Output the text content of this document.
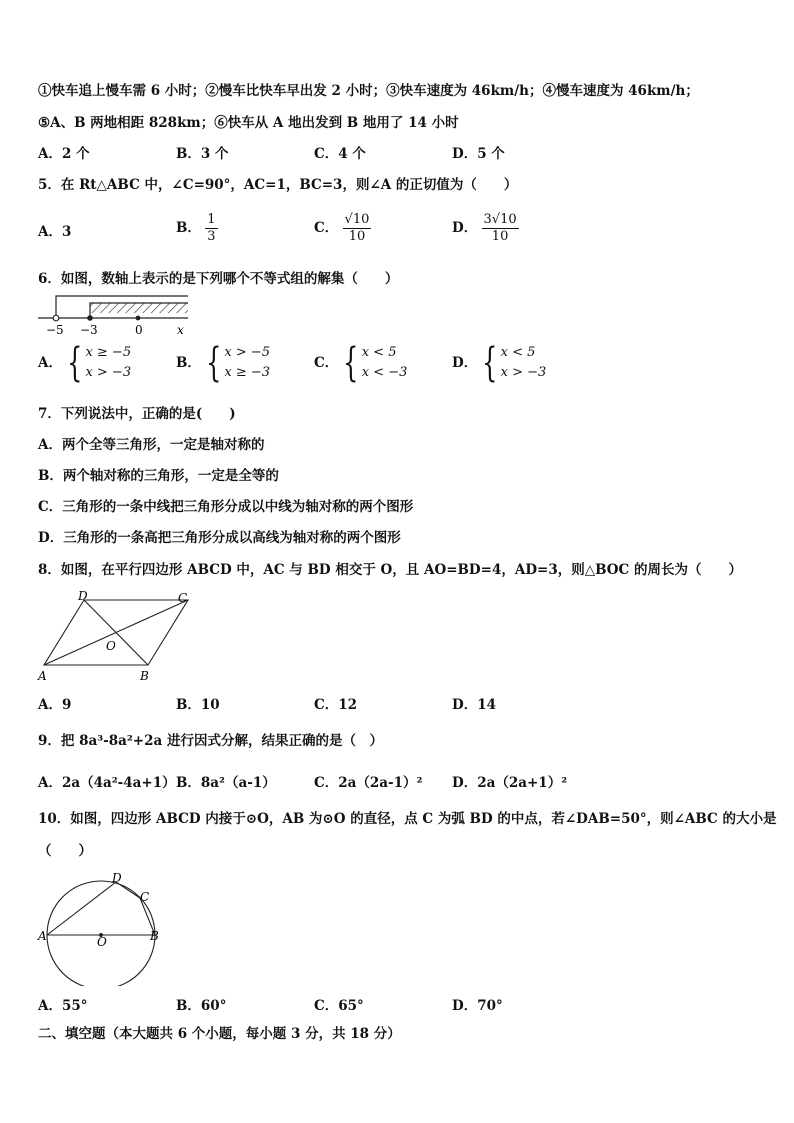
①快车追上慢车需 6 小时；②慢车比快车早出发 2 小时；③快车速度为 46km/h；④慢车速度为 46km/h；
⑤A、B 两地相距 828km；⑥快车从 A 地出发到 B 地用了 14 小时
A．2 个	B．3 个	C．4 个	D．5 个
5．在 Rt△ABC 中，∠C=90°，AC=1，BC=3，则∠A 的正切值为（　　）
A．3	B． $\frac{1}{3}$	C． $\frac{√10}{10}$	D． $\frac{3√10}{10}$
6．如图，数轴上表示的是下列哪个不等式组的解集（　　）
−5 −3	0	x
A． { x ≥ −5
x > −3
B． { x > −5
x ≥ −3
C． { x < 5
x < −3
D． { x < 5
x > −3
7．下列说法中，正确的是(　　)
A．两个全等三角形，一定是轴对称的
B．两个轴对称的三角形，一定是全等的
C．三角形的一条中线把三角形分成以中线为轴对称的两个图形
D．三角形的一条高把三角形分成以高线为轴对称的两个图形
8．如图，在平行四边形 ABCD 中，AC 与 BD 相交于 O，且 AO=BD=4，AD=3，则△BOC 的周长为（　　）
D	C
O
A	B
A．9	B．10	C．12	D．14
9．把 8a³-8a²+2a 进行因式分解，结果正确的是（　）
A．2a（4a²-4a+1） B．8a²（a-1）	C．2a（2a-1）² D．2a（2a+1）²
10．如图，四边形 ABCD 内接于⊙O，AB 为⊙O 的直径，点 C 为弧 BD 的中点，若∠DAB=50°，则∠ABC 的大小是
（　　）
D
C
A	O	B
A．55°	B．60°	C．65°	D．70°
二、填空题（本大题共 6 个小题，每小题 3 分，共 18 分）
